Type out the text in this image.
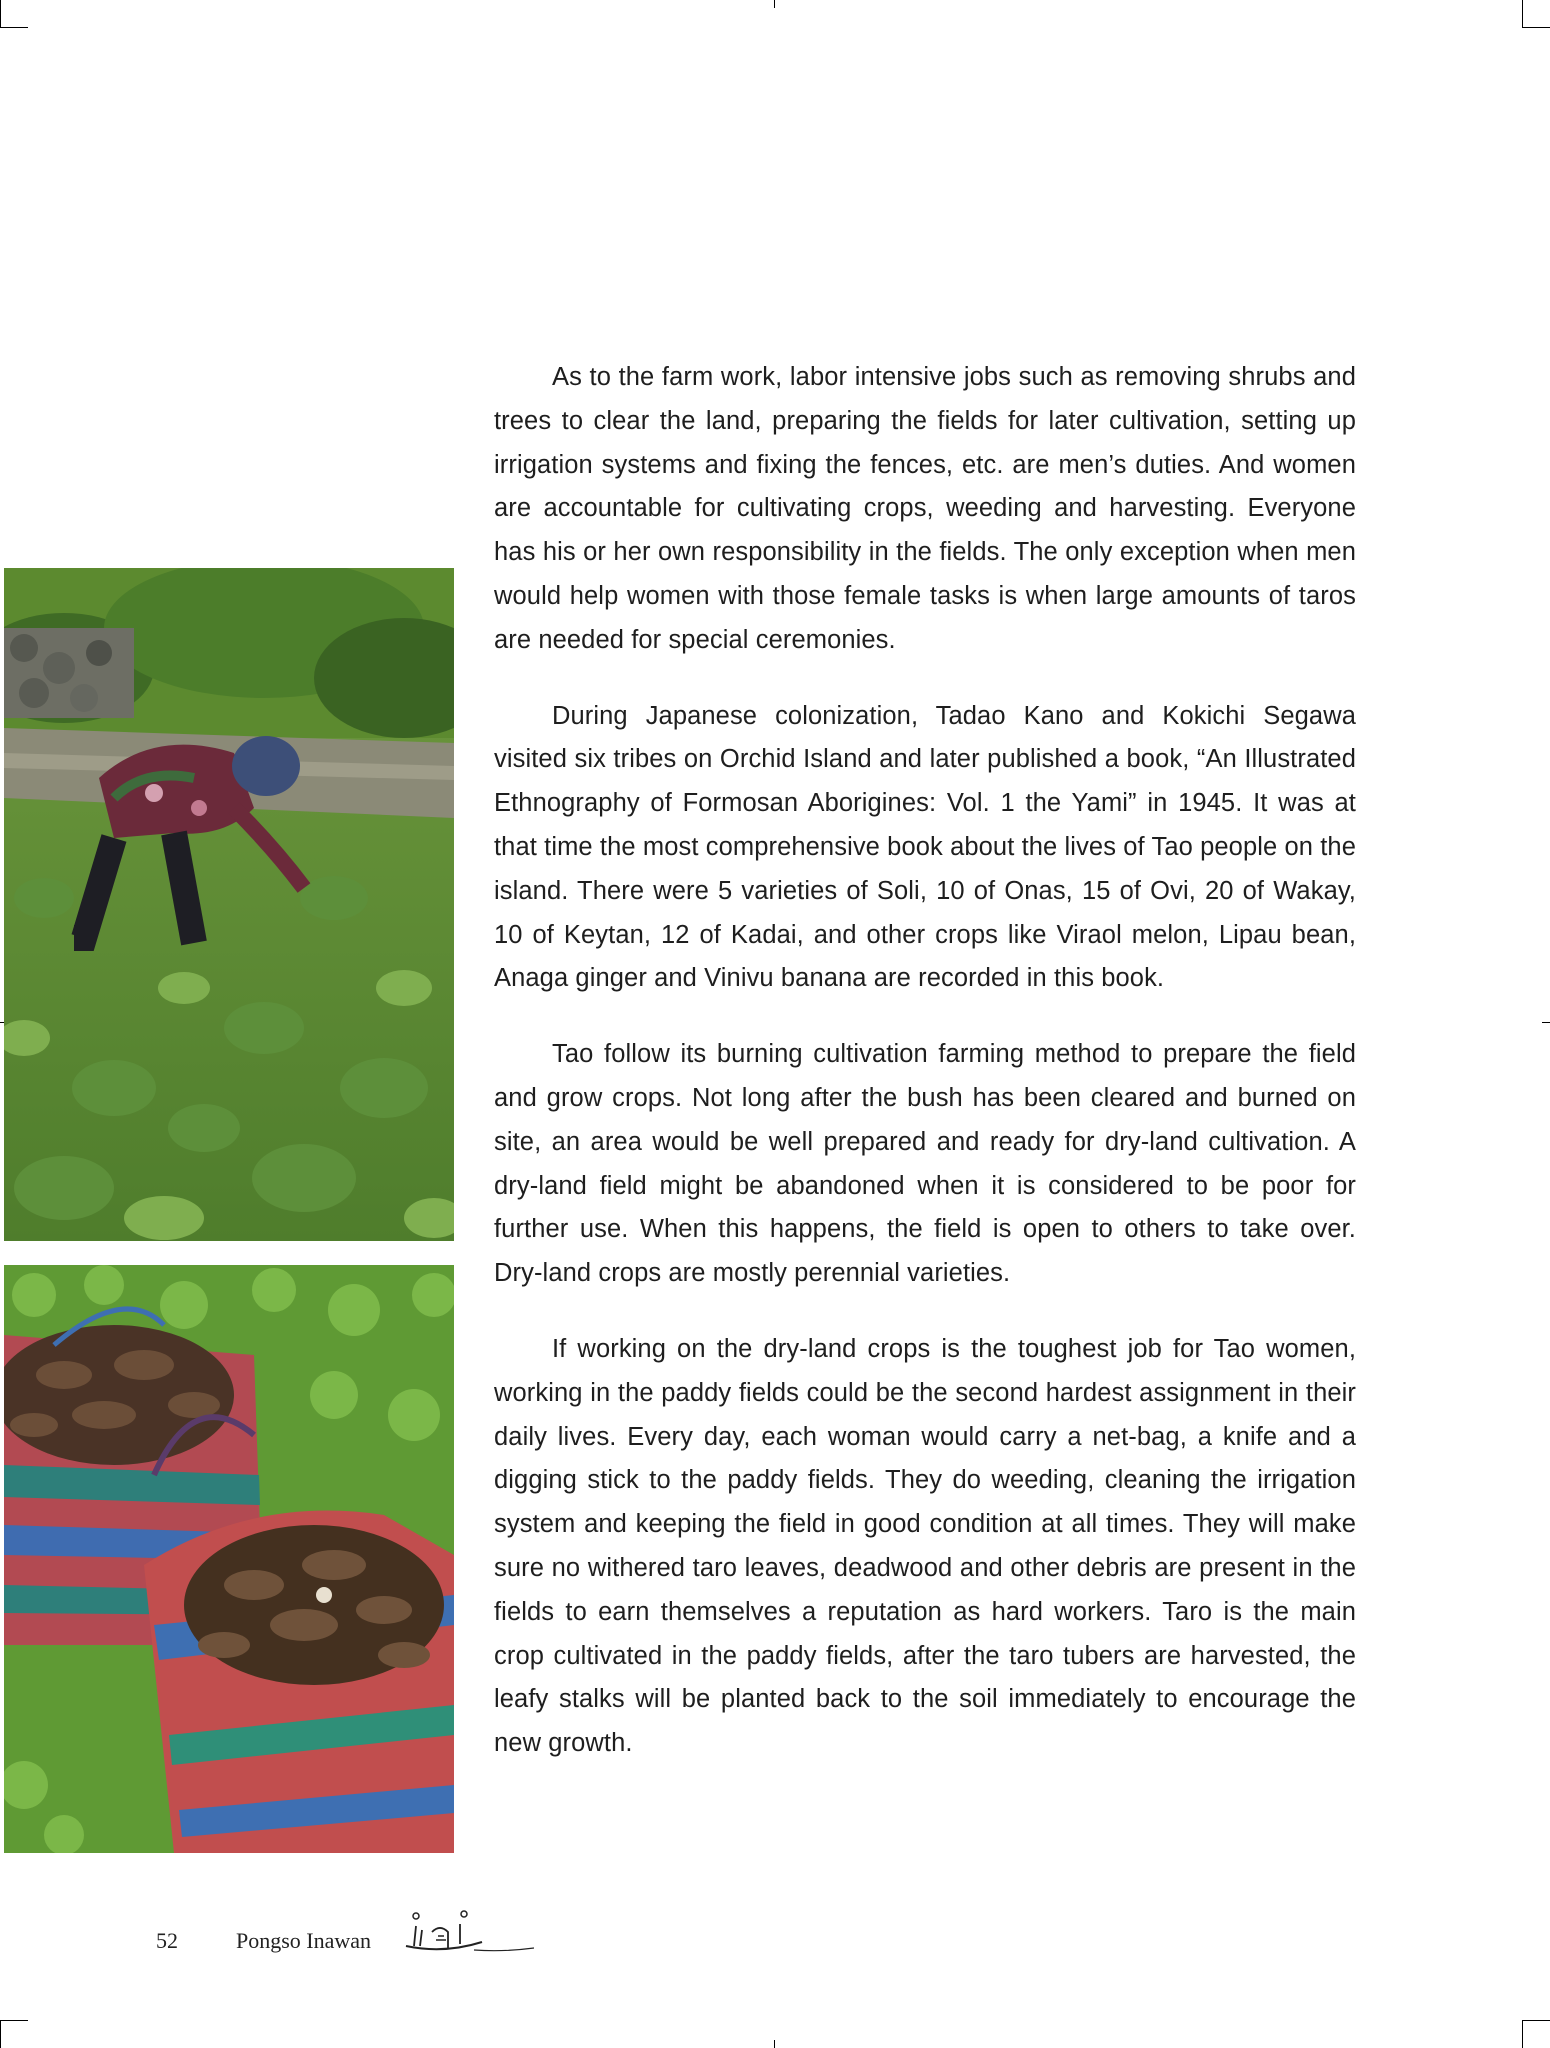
As to the farm work, labor intensive jobs such as removing shrubs and trees to clear the land, preparing the fields for later cultivation, setting up irrigation systems and fixing the fences, etc. are men’s duties. And women are accountable for cultivating crops, weeding and harvesting. Everyone has his or her own responsibility in the fields. The only exception when men would help women with those female tasks is when large amounts of taros are needed for special ceremonies.

During Japanese colonization, Tadao Kano and Kokichi Segawa visited six tribes on Orchid Island and later published a book, “An Illustrated Ethnography of Formosan Aborigines: Vol. 1 the Yami” in 1945. It was at that time the most comprehensive book about the lives of Tao people on the island. There were 5 varieties of Soli, 10 of Onas, 15 of Ovi, 20 of Wakay, 10 of Keytan, 12 of Kadai, and other crops like Viraol melon, Lipau bean, Anaga ginger and Vinivu banana are recorded in this book.

Tao follow its burning cultivation farming method to prepare the field and grow crops. Not long after the bush has been cleared and burned on site, an area would be well prepared and ready for dry-land cultivation. A dry-land field might be abandoned when it is considered to be poor for further use. When this happens, the field is open to others to take over. Dry-land crops are mostly perennial varieties.

If working on the dry-land crops is the toughest job for Tao women, working in the paddy fields could be the second hardest assignment in their daily lives. Every day, each woman would carry a net-bag, a knife and a digging stick to the paddy fields. They do weeding, cleaning the irrigation system and keeping the field in good condition at all times. They will make sure no withered taro leaves, deadwood and other debris are present in the fields to earn themselves a reputation as hard workers. Taro is the main crop cultivated in the paddy fields, after the taro tubers are harvested, the leafy stalks will be planted back to the soil immediately to encourage the new growth.

52	Pongso Inawan
